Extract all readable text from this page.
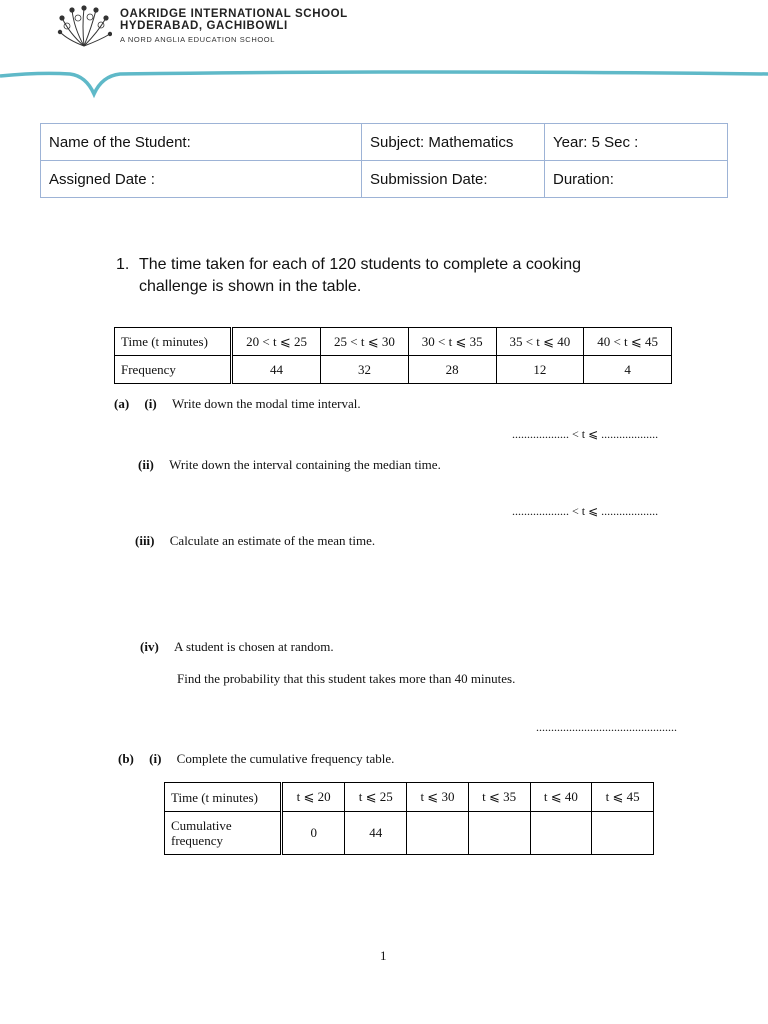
OAKRIDGE INTERNATIONAL SCHOOL
HYDERABAD, GACHIBOWLI
A NORD ANGLIA EDUCATION SCHOOL
Name of the Student:	Subject: Mathematics	Year: 5 Sec :
Assigned Date :	Submission Date:	Duration:
1. The time taken for each of 120 students to complete a cooking
challenge is shown in the table.
Time (t minutes)	20 < t ⩽ 25	25 < t ⩽ 30	30 < t ⩽ 35	35 < t ⩽ 40	40 < t ⩽ 45
Frequency	44	32	28	12	4
(a) (i) Write down the modal time interval.
................... < t ⩽ ...................
(ii) Write down the interval containing the median time.
................... < t ⩽ ...................
(iii) Calculate an estimate of the mean time.
(iv) A student is chosen at random.
Find the probability that this student takes more than 40 minutes.
...............................................
(b) (i) Complete the cumulative frequency table.
Time (t minutes)	t ⩽ 20	t ⩽ 25	t ⩽ 30	t ⩽ 35	t ⩽ 40	t ⩽ 45
Cumulative
frequency	0	44				
1
